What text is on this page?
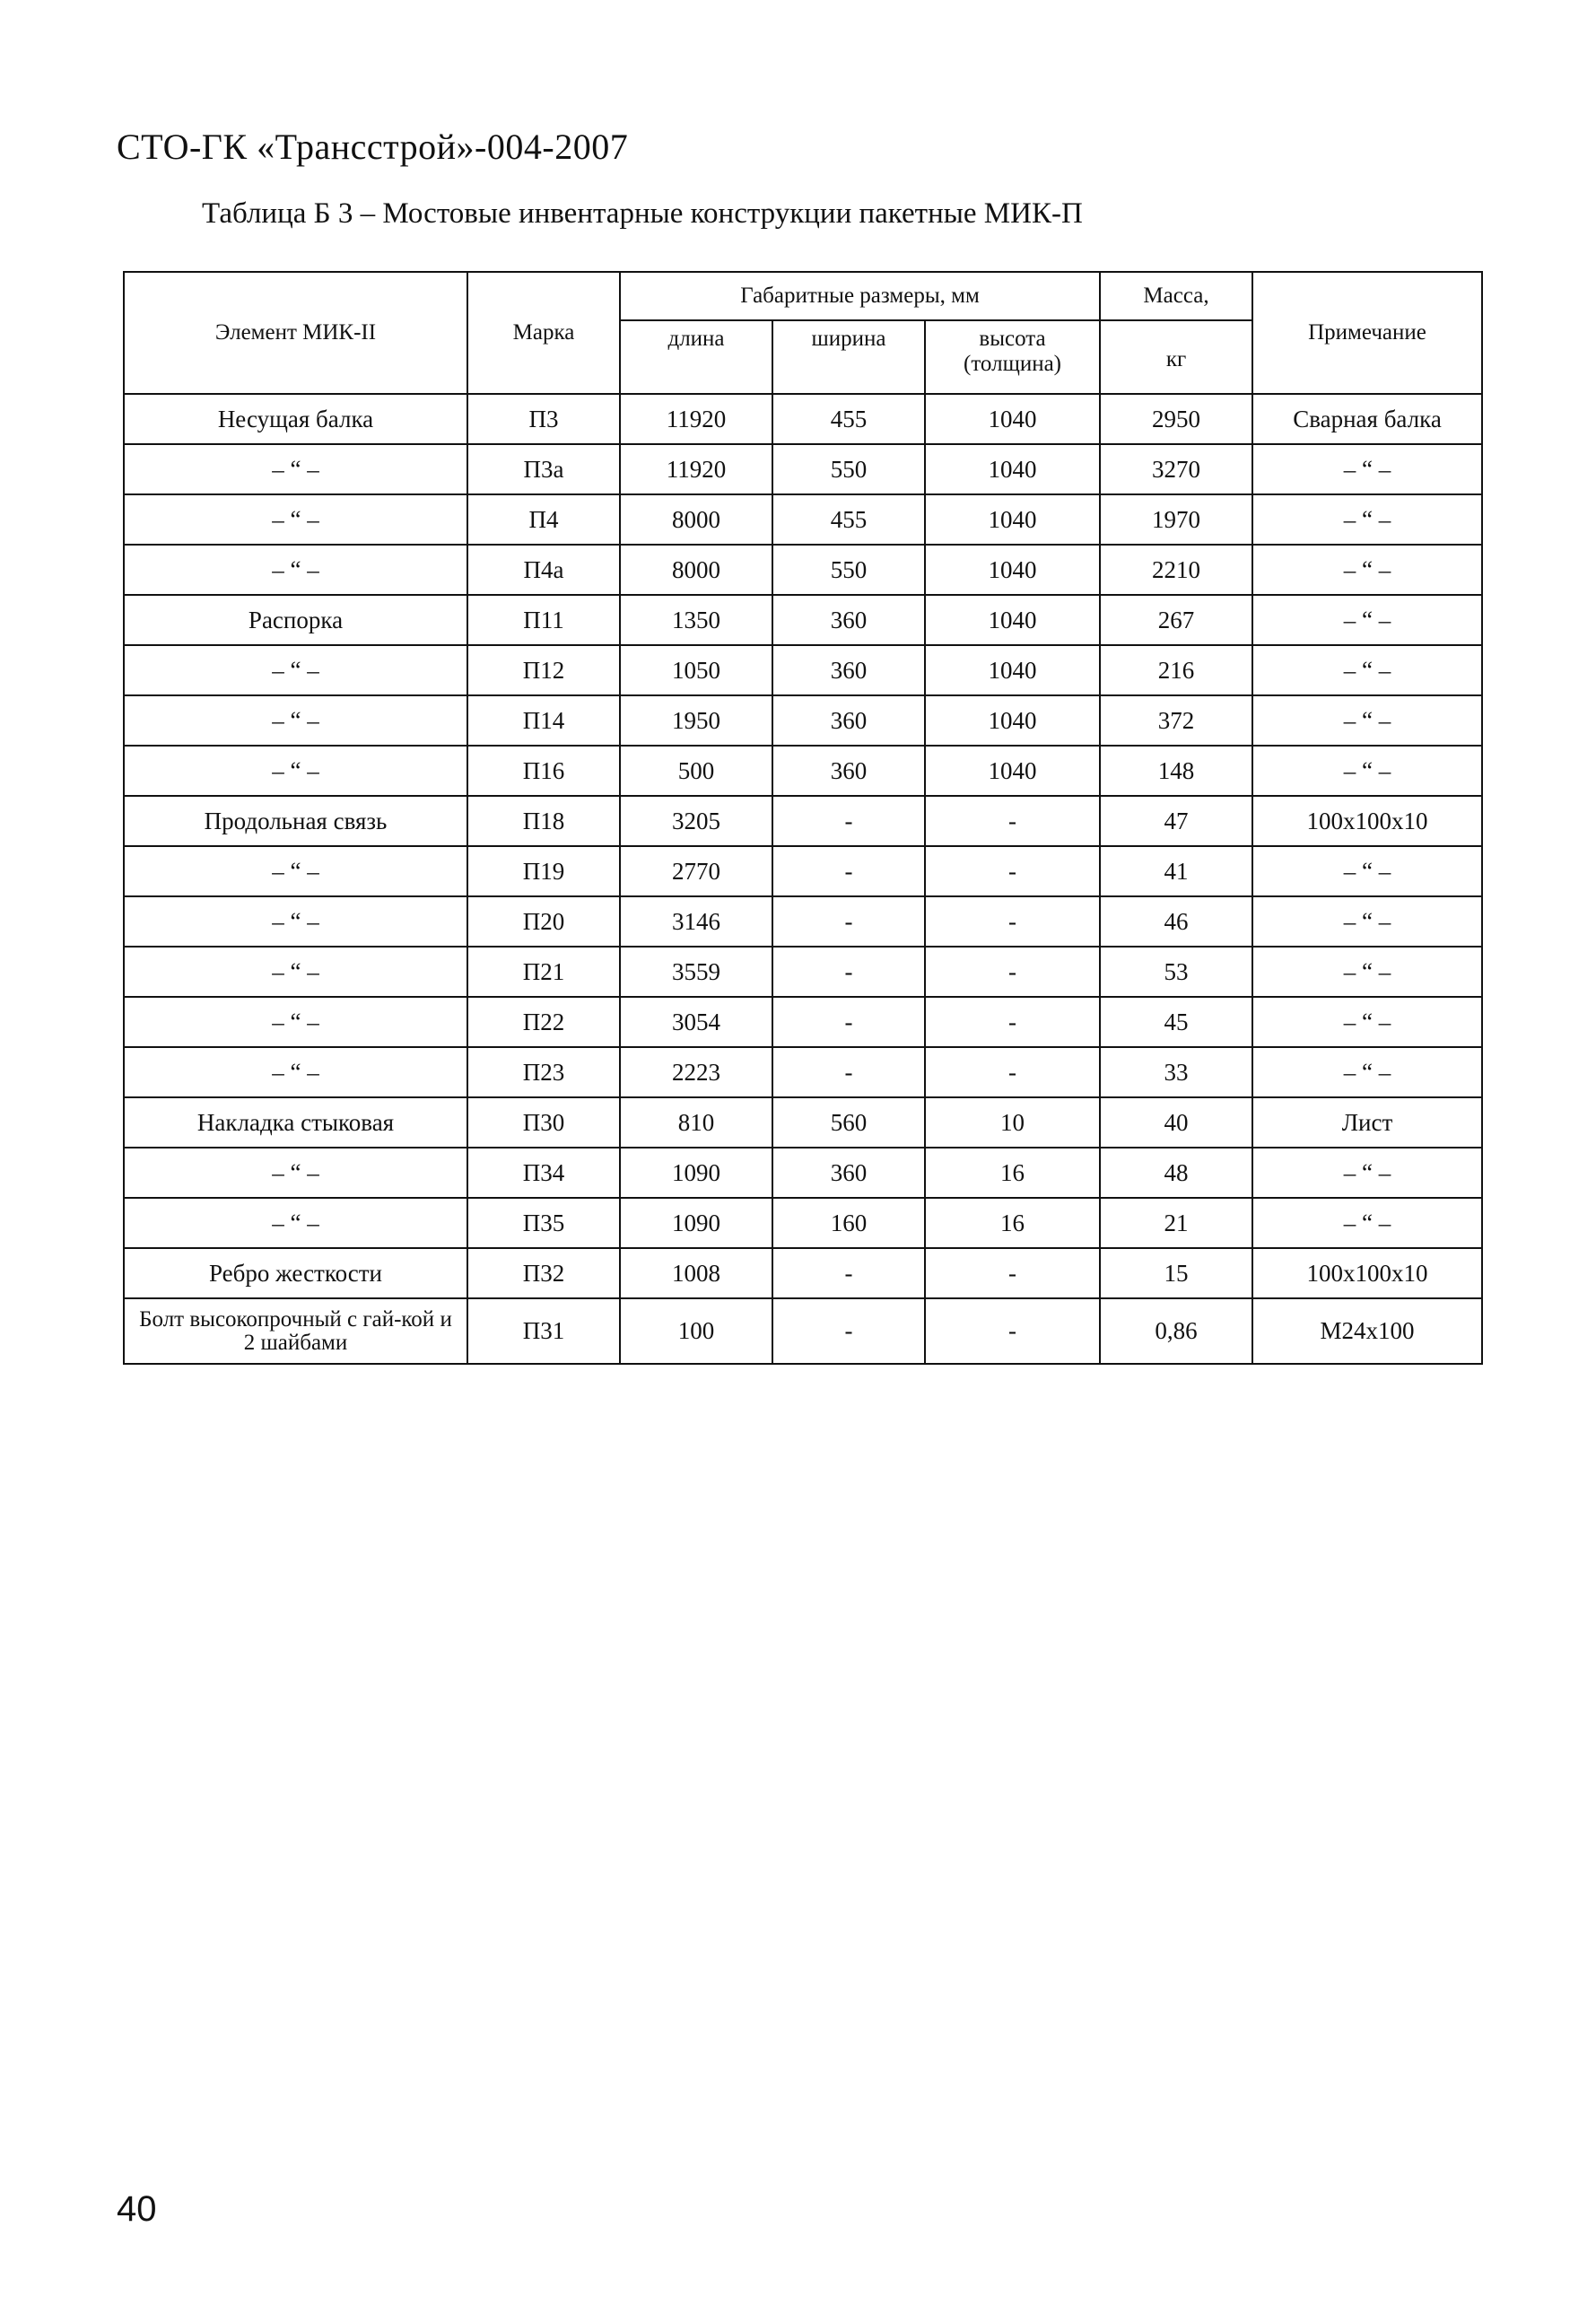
СТО-ГК «Трансстрой»-004-2007
Таблица Б 3 – Мостовые инвентарные конструкции пакетные МИК-П
Элемент МИК-II	Марка	Габаритные размеры, мм			Масса,	Примечание
		длина	ширина	высота (толщина)	кг	
Несущая балка	П3	11920	455	1040	2950	Сварная балка
– “ –	П3а	11920	550	1040	3270	– “ –
– “ –	П4	8000	455	1040	1970	– “ –
– “ –	П4а	8000	550	1040	2210	– “ –
Распорка	П11	1350	360	1040	267	– “ –
– “ –	П12	1050	360	1040	216	– “ –
– “ –	П14	1950	360	1040	372	– “ –
– “ –	П16	500	360	1040	148	– “ –
Продольная связь	П18	3205	-	-	47	100x100x10
– “ –	П19	2770	-	-	41	– “ –
– “ –	П20	3146	-	-	46	– “ –
– “ –	П21	3559	-	-	53	– “ –
– “ –	П22	3054	-	-	45	– “ –
– “ –	П23	2223	-	-	33	– “ –
Накладка стыковая	П30	810	560	10	40	Лист
– “ –	П34	1090	360	16	48	– “ –
– “ –	П35	1090	160	16	21	– “ –
Ребро жесткости	П32	1008	-	-	15	100x100x10
Болт высокопрочный с гай-кой и 2 шайбами	П31	100	-	-	0,86	M24x100
40
